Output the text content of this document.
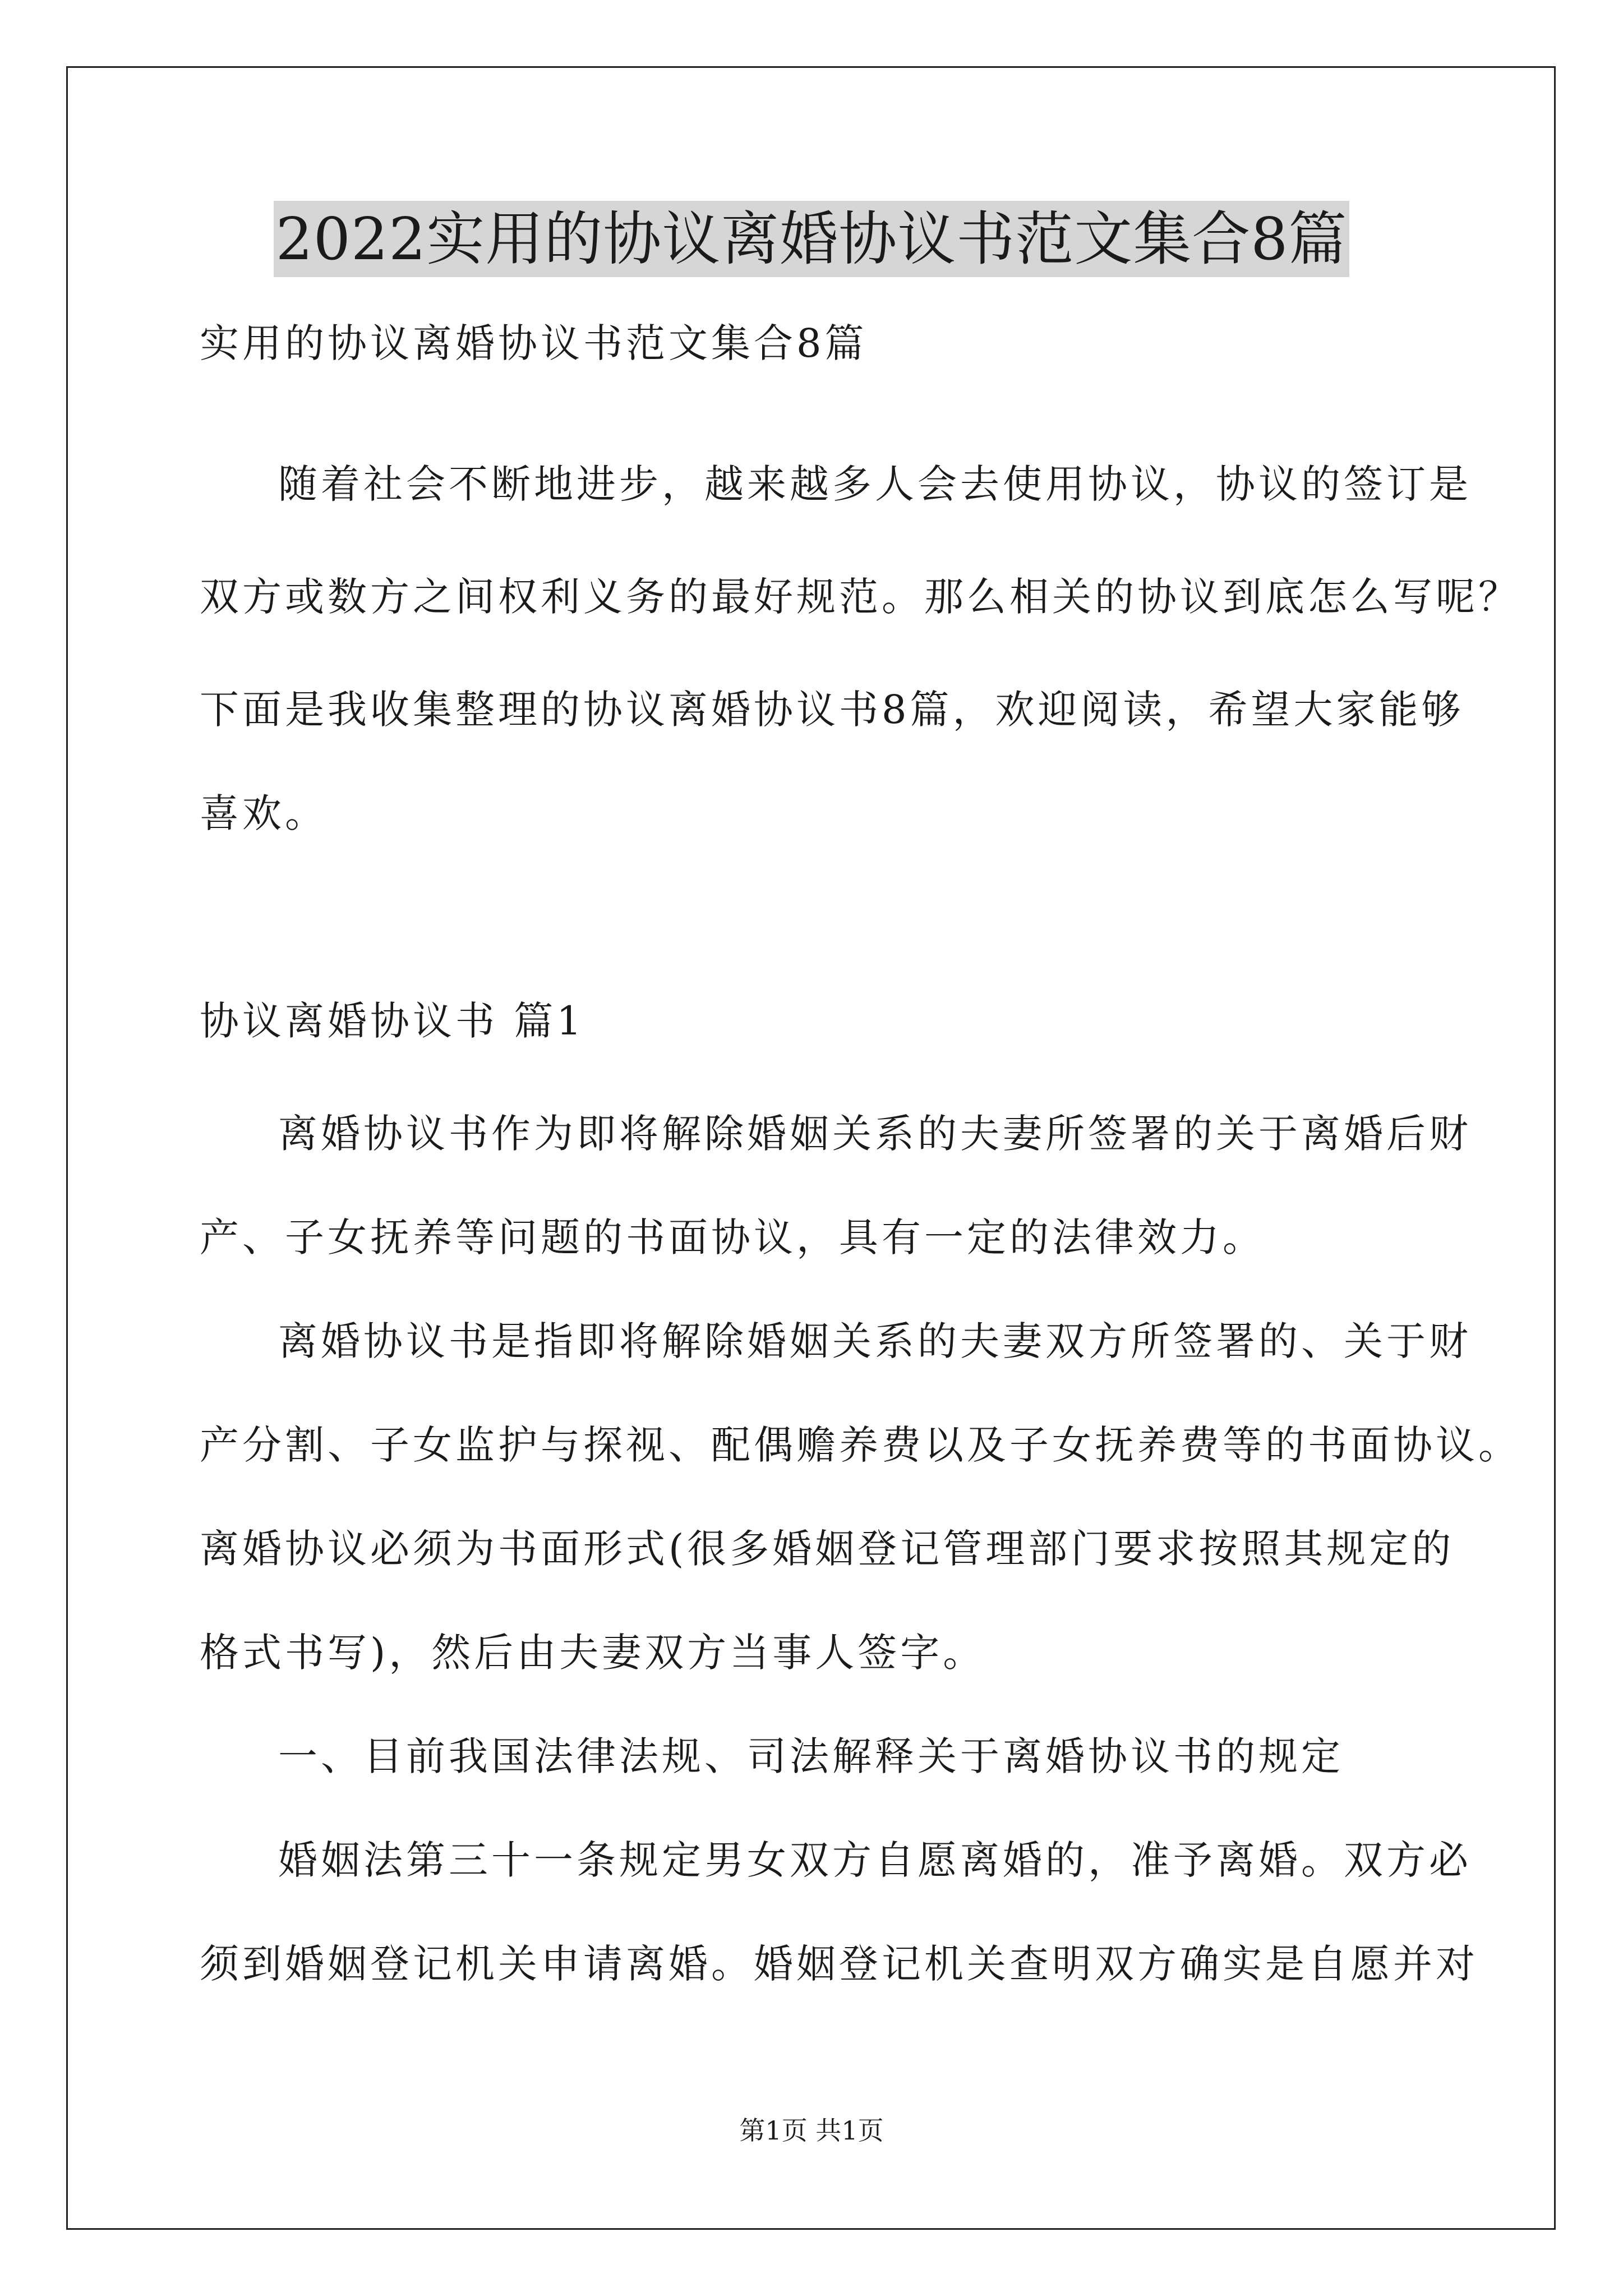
2022实用的协议离婚协议书范文集合8篇
实用的协议离婚协议书范文集合8篇
随着社会不断地进步，越来越多人会去使用协议，协议的签订是
双方或数方之间权利义务的最好规范。那么相关的协议到底怎么写呢？
下面是我收集整理的协议离婚协议书8篇，欢迎阅读，希望大家能够
喜欢。
协议离婚协议书 篇1
离婚协议书作为即将解除婚姻关系的夫妻所签署的关于离婚后财
产、子女抚养等问题的书面协议，具有一定的法律效力。
离婚协议书是指即将解除婚姻关系的夫妻双方所签署的、关于财
产分割、子女监护与探视、配偶赡养费以及子女抚养费等的书面协议。
离婚协议必须为书面形式(很多婚姻登记管理部门要求按照其规定的
格式书写)，然后由夫妻双方当事人签字。
一、目前我国法律法规、司法解释关于离婚协议书的规定
婚姻法第三十一条规定男女双方自愿离婚的，准予离婚。双方必
须到婚姻登记机关申请离婚。婚姻登记机关查明双方确实是自愿并对
第1页 共1页
